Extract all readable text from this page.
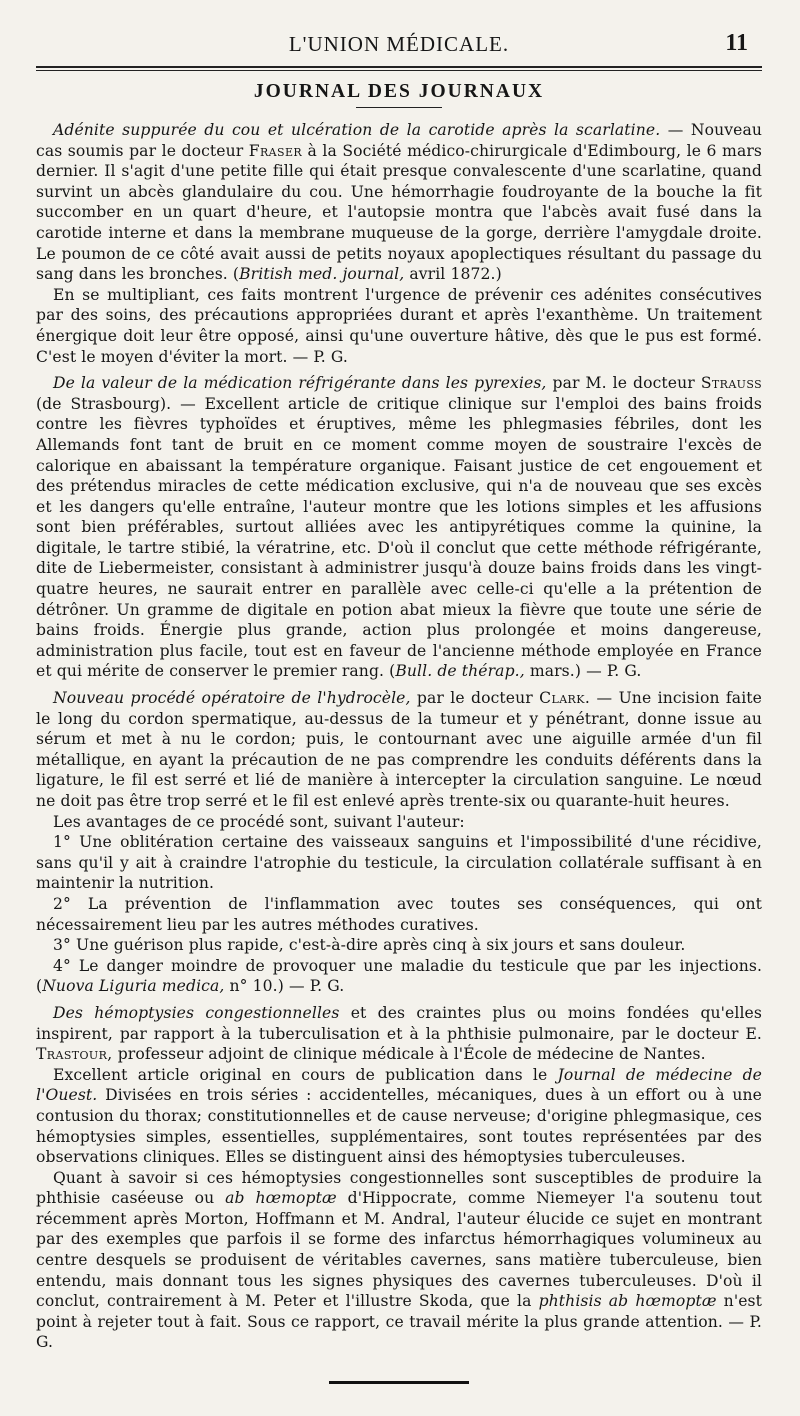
L'UNION MÉDICALE.	11
JOURNAL DES JOURNAUX

Adénite suppurée du cou et ulcération de la carotide après la scarlatine. — Nouveau cas soumis par le docteur Fraser à la Société médico-chirurgicale d'Edimbourg, le 6 mars dernier. Il s'agit d'une petite fille qui était presque convalescente d'une scarlatine, quand survint un abcès glandulaire du cou. Une hémorrhagie foudroyante de la bouche la fit succomber en un quart d'heure, et l'autopsie montra que l'abcès avait fusé dans la carotide interne et dans la membrane muqueuse de la gorge, derrière l'amygdale droite. Le poumon de ce côté avait aussi de petits noyaux apoplectiques résultant du passage du sang dans les bronches. (British med. journal, avril 1872.)

En se multipliant, ces faits montrent l'urgence de prévenir ces adénites consécutives par des soins, des précautions appropriées durant et après l'exanthème. Un traitement énergique doit leur être opposé, ainsi qu'une ouverture hâtive, dès que le pus est formé. C'est le moyen d'éviter la mort. — P. G.

De la valeur de la médication réfrigérante dans les pyrexies, par M. le docteur Strauss (de Strasbourg). — Excellent article de critique clinique sur l'emploi des bains froids contre les fièvres typhoïdes et éruptives, même les phlegmasies fébriles, dont les Allemands font tant de bruit en ce moment comme moyen de soustraire l'excès de calorique en abaissant la température organique. Faisant justice de cet engouement et des prétendus miracles de cette médication exclusive, qui n'a de nouveau que ses excès et les dangers qu'elle entraîne, l'auteur montre que les lotions simples et les affusions sont bien préférables, surtout alliées avec les antipyrétiques comme la quinine, la digitale, le tartre stibié, la vératrine, etc. D'où il conclut que cette méthode réfrigérante, dite de Liebermeister, consistant à administrer jusqu'à douze bains froids dans les vingt-quatre heures, ne saurait entrer en parallèle avec celle-ci qu'elle a la prétention de détrôner. Un gramme de digitale en potion abat mieux la fièvre que toute une série de bains froids. Énergie plus grande, action plus prolongée et moins dangereuse, administration plus facile, tout est en faveur de l'ancienne méthode employée en France et qui mérite de conserver le premier rang. (Bull. de thérap., mars.) — P. G.

Nouveau procédé opératoire de l'hydrocèle, par le docteur Clark. — Une incision faite le long du cordon spermatique, au-dessus de la tumeur et y pénétrant, donne issue au sérum et met à nu le cordon; puis, le contournant avec une aiguille armée d'un fil métallique, en ayant la précaution de ne pas comprendre les conduits déférents dans la ligature, le fil est serré et lié de manière à intercepter la circulation sanguine. Le nœud ne doit pas être trop serré et le fil est enlevé après trente-six ou quarante-huit heures.

Les avantages de ce procédé sont, suivant l'auteur:

1° Une oblitération certaine des vaisseaux sanguins et l'impossibilité d'une récidive, sans qu'il y ait à craindre l'atrophie du testicule, la circulation collatérale suffisant à en maintenir la nutrition.

2° La prévention de l'inflammation avec toutes ses conséquences, qui ont nécessairement lieu par les autres méthodes curatives.

3° Une guérison plus rapide, c'est-à-dire après cinq à six jours et sans douleur.

4° Le danger moindre de provoquer une maladie du testicule que par les injections. (Nuova Liguria medica, n° 10.) — P. G.

Des hémoptysies congestionnelles et des craintes plus ou moins fondées qu'elles inspirent, par rapport à la tuberculisation et à la phthisie pulmonaire, par le docteur E. Trastour, professeur adjoint de clinique médicale à l'École de médecine de Nantes.

Excellent article original en cours de publication dans le Journal de médecine de l'Ouest. Divisées en trois séries : accidentelles, mécaniques, dues à un effort ou à une contusion du thorax; constitutionnelles et de cause nerveuse; d'origine phlegmasique, ces hémoptysies simples, essentielles, supplémentaires, sont toutes représentées par des observations cliniques. Elles se distinguent ainsi des hémoptysies tuberculeuses.

Quant à savoir si ces hémoptysies congestionnelles sont susceptibles de produire la phthisie caséeuse ou ab hœmoptæ d'Hippocrate, comme Niemeyer l'a soutenu tout récemment après Morton, Hoffmann et M. Andral, l'auteur élucide ce sujet en montrant par des exemples que parfois il se forme des infarctus hémorrhagiques volumineux au centre desquels se produisent de véritables cavernes, sans matière tuberculeuse, bien entendu, mais donnant tous les signes physiques des cavernes tuberculeuses. D'où il conclut, contrairement à M. Peter et l'illustre Skoda, que la phthisis ab hœmoptæ n'est point à rejeter tout à fait. Sous ce rapport, ce travail mérite la plus grande attention. — P. G.
